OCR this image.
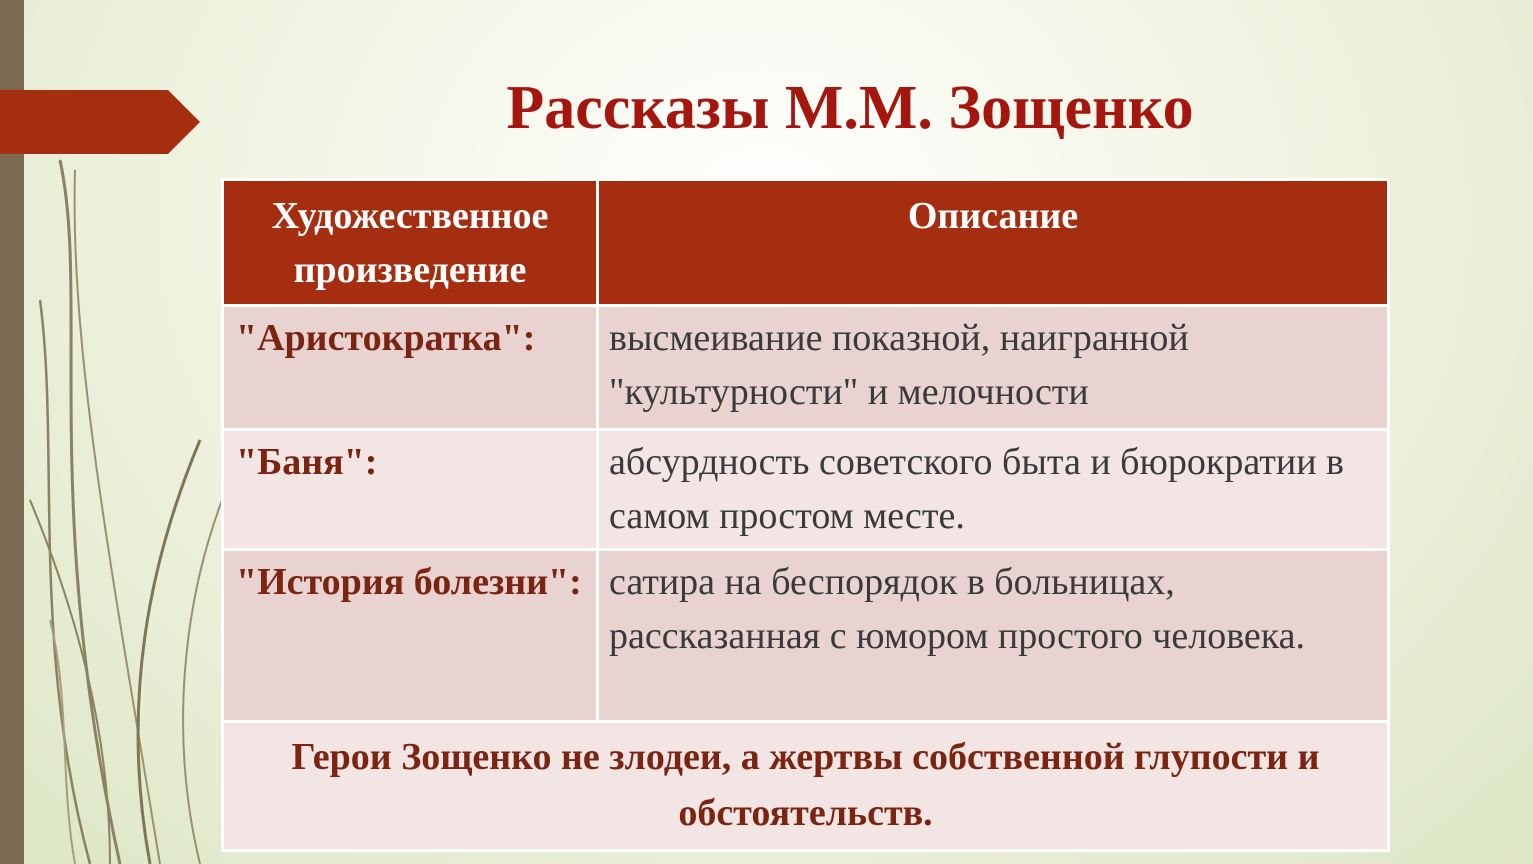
Рассказы М.М. Зощенко
Художественное произведение	Описание
"Аристократка":	высмеивание показной, наигранной "культурности" и мелочности
"Баня":	абсурдность советского быта и бюрократии в самом простом месте.
"История болезни":	сатира на беспорядок в больницах, рассказанная с юмором простого человека.
Герои Зощенко не злодеи, а жертвы собственной глупости и обстоятельств.	
